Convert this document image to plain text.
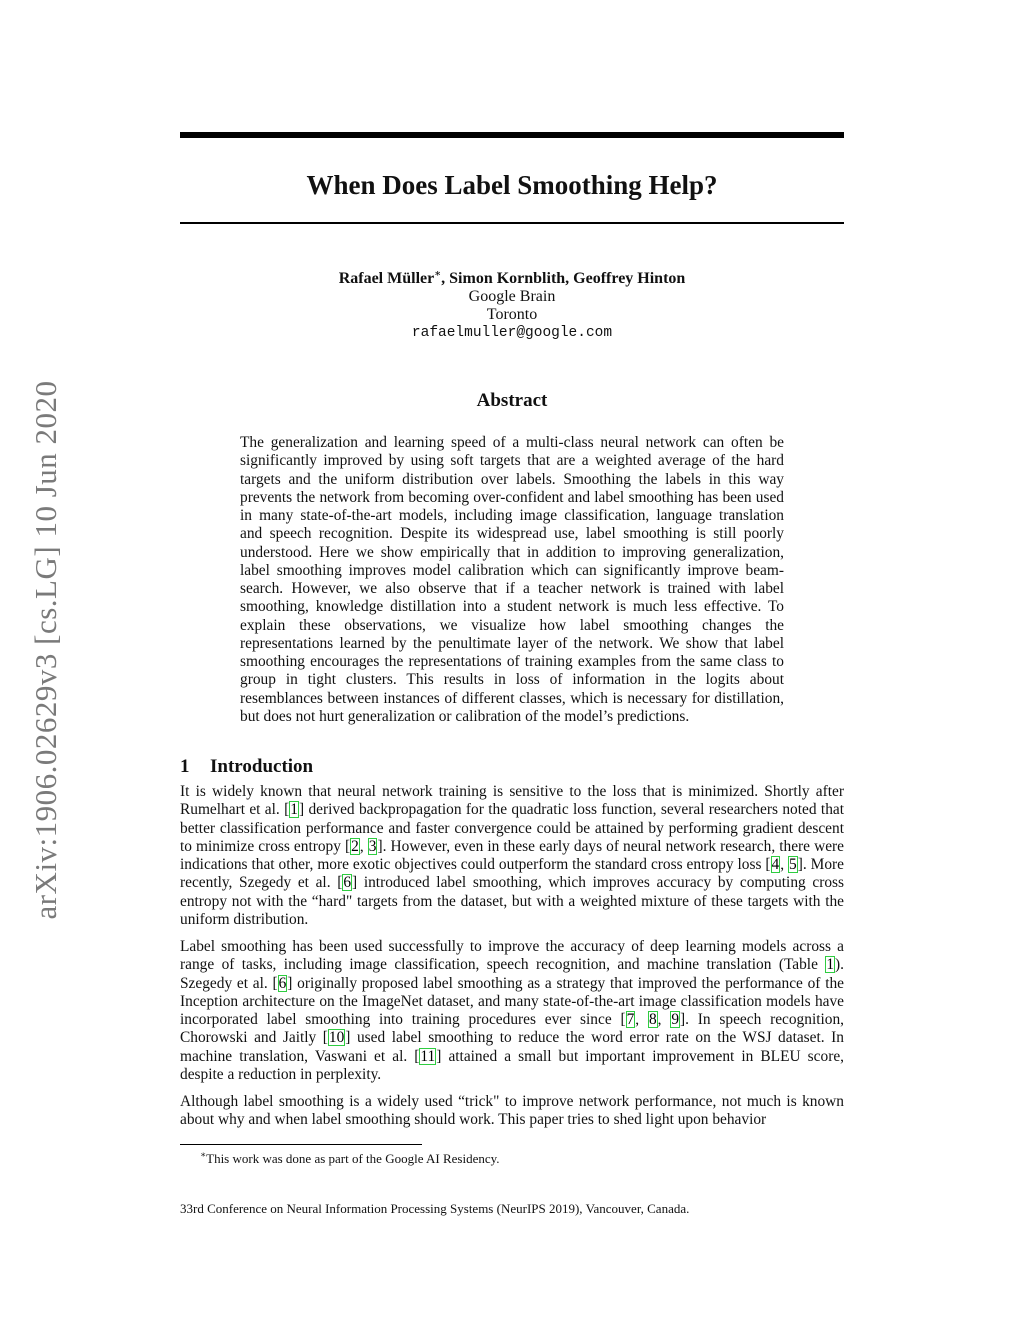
arXiv:1906.02629v3 [cs.LG] 10 Jun 2020
When Does Label Smoothing Help?
Rafael Müller∗, Simon Kornblith, Geoffrey Hinton
Google Brain
Toronto
rafaelmuller@google.com
Abstract
The generalization and learning speed of a multi-class neural network can often be significantly improved by using soft targets that are a weighted average of the hard targets and the uniform distribution over labels. Smoothing the labels in this way prevents the network from becoming over-confident and label smoothing has been used in many state-of-the-art models, including image classification, language translation and speech recognition. Despite its widespread use, label smoothing is still poorly understood. Here we show empirically that in addition to improving generalization, label smoothing improves model calibration which can significantly improve beam-search. However, we also observe that if a teacher network is trained with label smoothing, knowledge distillation into a student network is much less effective. To explain these observations, we visualize how label smoothing changes the representations learned by the penultimate layer of the network. We show that label smoothing encourages the representations of training examples from the same class to group in tight clusters. This results in loss of information in the logits about resemblances between instances of different classes, which is necessary for distillation, but does not hurt generalization or calibration of the model’s predictions.
1 Introduction
It is widely known that neural network training is sensitive to the loss that is minimized. Shortly after Rumelhart et al. [1] derived backpropagation for the quadratic loss function, several researchers noted that better classification performance and faster convergence could be attained by performing gradient descent to minimize cross entropy [2, 3]. However, even in these early days of neural network research, there were indications that other, more exotic objectives could outperform the standard cross entropy loss [4, 5]. More recently, Szegedy et al. [6] introduced label smoothing, which improves accuracy by computing cross entropy not with the “hard" targets from the dataset, but with a weighted mixture of these targets with the uniform distribution.
Label smoothing has been used successfully to improve the accuracy of deep learning models across a range of tasks, including image classification, speech recognition, and machine translation (Table 1). Szegedy et al. [6] originally proposed label smoothing as a strategy that improved the performance of the Inception architecture on the ImageNet dataset, and many state-of-the-art image classification models have incorporated label smoothing into training procedures ever since [7, 8, 9]. In speech recognition, Chorowski and Jaitly [10] used label smoothing to reduce the word error rate on the WSJ dataset. In machine translation, Vaswani et al. [11] attained a small but important improvement in BLEU score, despite a reduction in perplexity.
Although label smoothing is a widely used “trick" to improve network performance, not much is known about why and when label smoothing should work. This paper tries to shed light upon behavior
∗This work was done as part of the Google AI Residency.
33rd Conference on Neural Information Processing Systems (NeurIPS 2019), Vancouver, Canada.
